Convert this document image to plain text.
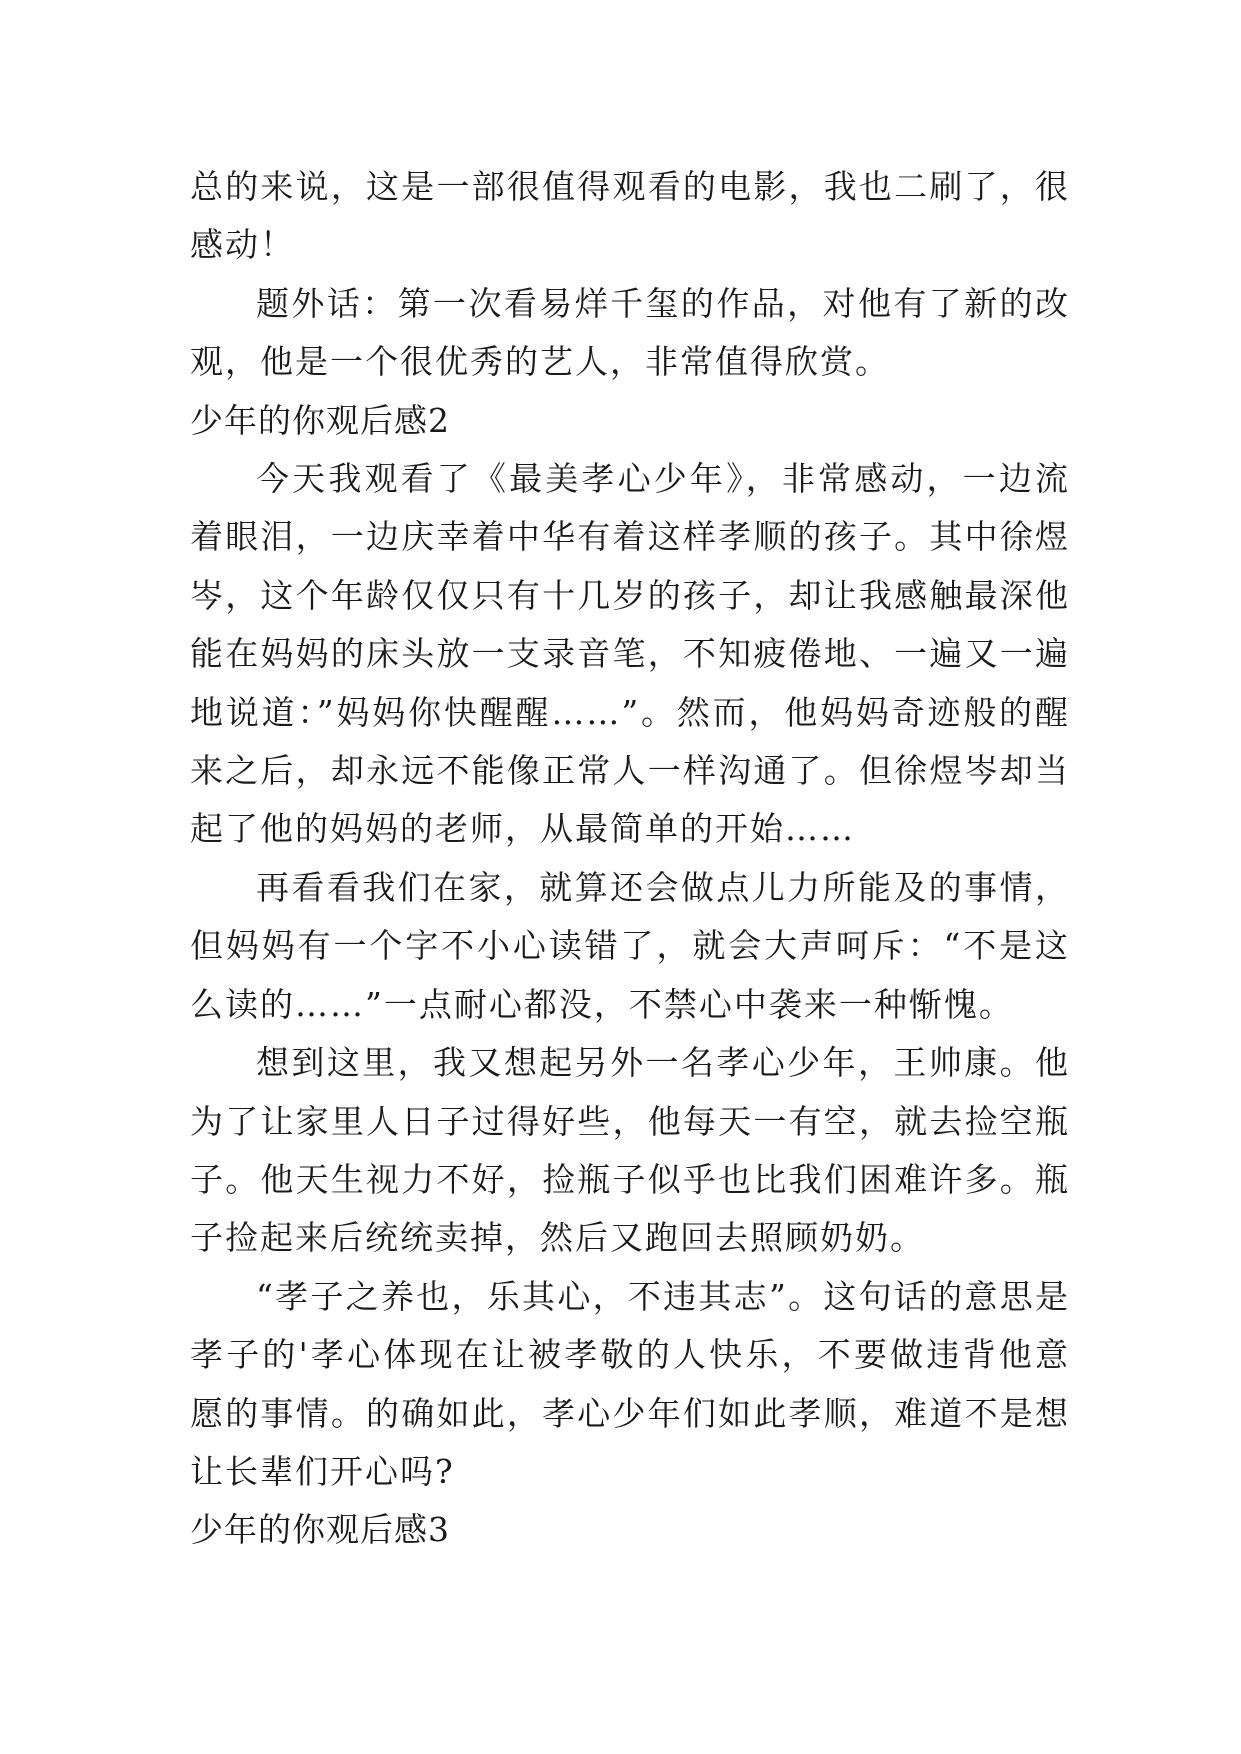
总的来说，这是一部很值得观看的电影，我也二刷了，很感动！

题外话：第一次看易烊千玺的作品，对他有了新的改观，他是一个很优秀的艺人，非常值得欣赏。

少年的你观后感2

今天我观看了《最美孝心少年》，非常感动，一边流着眼泪，一边庆幸着中华有着这样孝顺的孩子。其中徐煜岑，这个年龄仅仅只有十几岁的孩子，却让我感触最深他能在妈妈的床头放一支录音笔，不知疲倦地、一遍又一遍地说道：”妈妈你快醒醒……”。然而，他妈妈奇迹般的醒来之后，却永远不能像正常人一样沟通了。但徐煜岑却当起了他的妈妈的老师，从最简单的开始……

再看看我们在家，就算还会做点儿力所能及的事情，但妈妈有一个字不小心读错了，就会大声呵斥：“不是这么读的……”一点耐心都没，不禁心中袭来一种惭愧。

想到这里，我又想起另外一名孝心少年，王帅康。他为了让家里人日子过得好些，他每天一有空，就去捡空瓶子。他天生视力不好，捡瓶子似乎也比我们困难许多。瓶子捡起来后统统卖掉，然后又跑回去照顾奶奶。

“孝子之养也，乐其心，不违其志”。这句话的意思是孝子的'孝心体现在让被孝敬的人快乐，不要做违背他意愿的事情。的确如此，孝心少年们如此孝顺，难道不是想让长辈们开心吗?

少年的你观后感3
